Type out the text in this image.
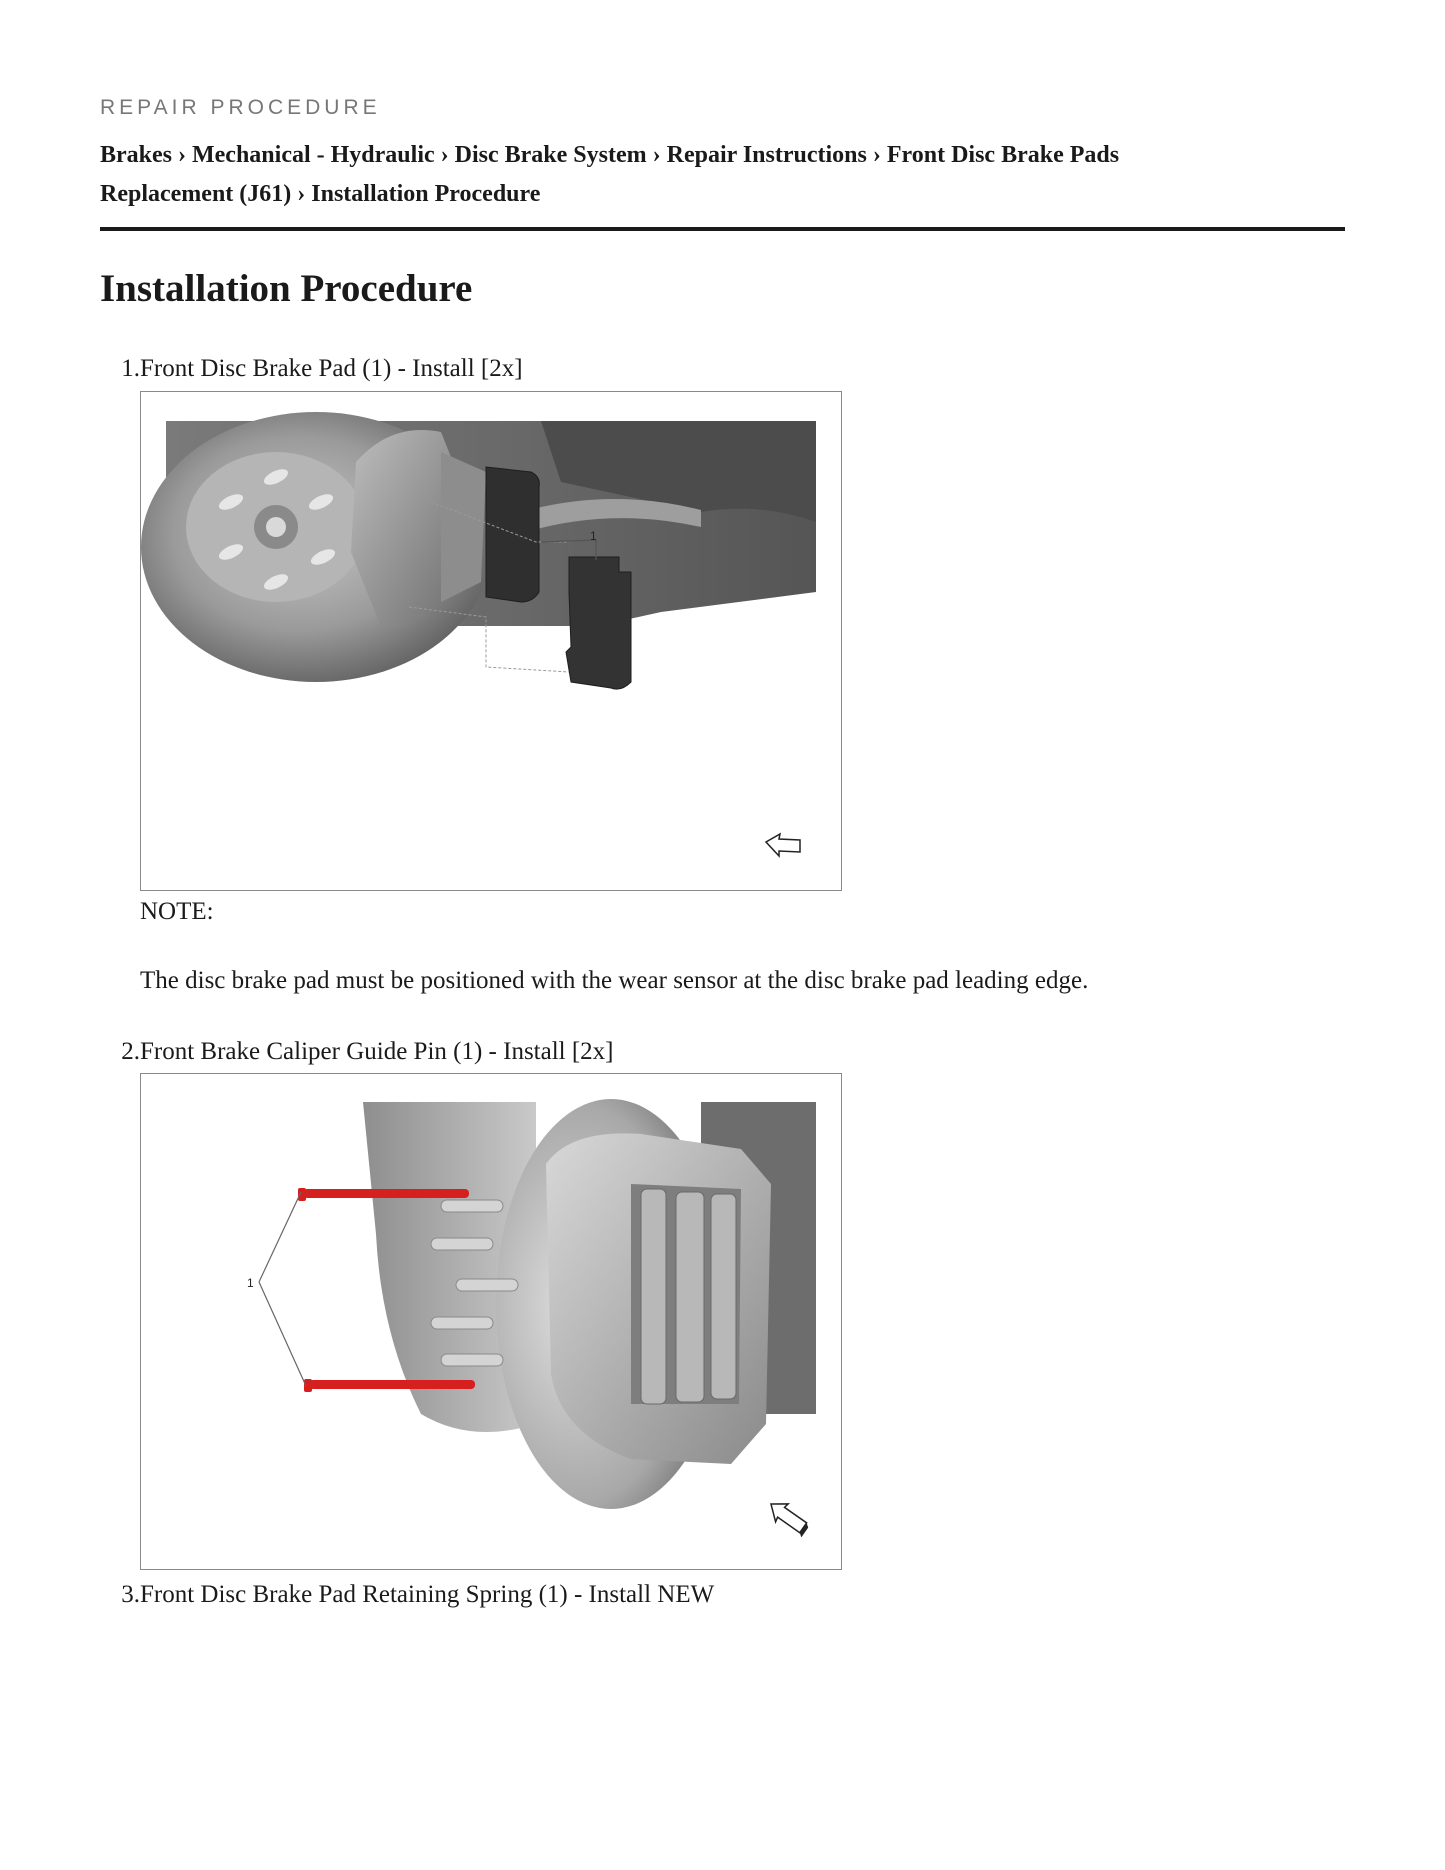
REPAIR PROCEDURE
Brakes › Mechanical - Hydraulic › Disc Brake System › Repair Instructions › Front Disc Brake Pads
Replacement (J61) › Installation Procedure
Installation Procedure
1. Front Disc Brake Pad (1) - Install [2x]
1
NOTE:
The disc brake pad must be positioned with the wear sensor at the disc brake pad leading edge.
2. Front Brake Caliper Guide Pin (1) - Install [2x]
1
3. Front Disc Brake Pad Retaining Spring (1) - Install NEW
